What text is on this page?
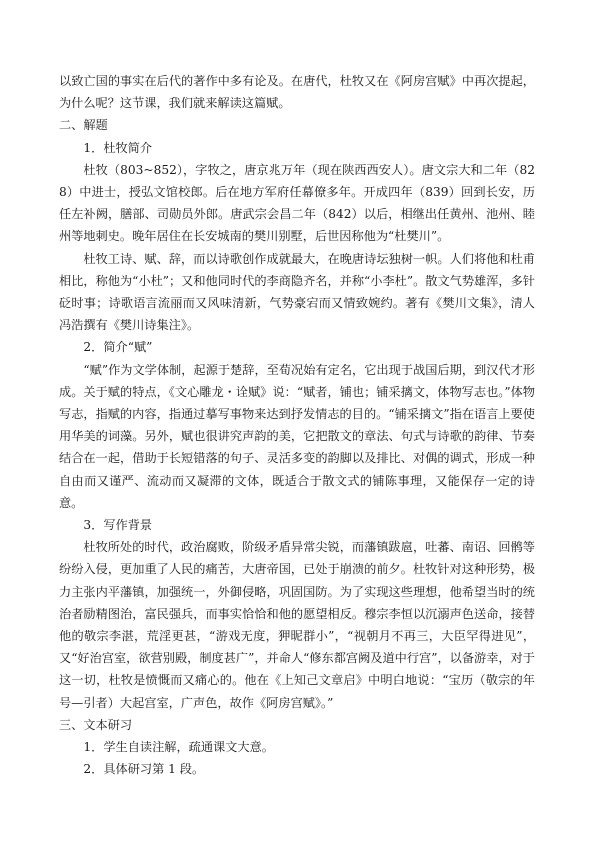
以致亡国的事实在后代的著作中多有论及。在唐代，杜牧又在《阿房宫赋》中再次提起，为什么呢？这节课，我们就来解读这篇赋。

二、解题

1．杜牧简介

杜牧（803~852），字牧之，唐京兆万年（现在陕西西安人）。唐文宗大和二年（828）中进士，授弘文馆校郎。后在地方军府任幕僚多年。开成四年（839）回到长安，历任左补阙，膳部、司勋员外郎。唐武宗会昌二年（842）以后，相继出任黄州、池州、睦州等地刺史。晚年居住在长安城南的樊川别墅，后世因称他为“杜樊川”。

杜牧工诗、赋、辞，而以诗歌创作成就最大，在晚唐诗坛独树一帜。人们将他和杜甫相比，称他为“小杜”；又和他同时代的李商隐齐名，并称“小李杜”。散文气势雄浑，多针砭时事；诗歌语言流丽而又风味清新，气势豪宕而又情致婉约。著有《樊川文集》，清人冯浩撰有《樊川诗集注》。

2．简介“赋”

“赋”作为文学体制，起源于楚辞，至荀况始有定名，它出现于战国后期，到汉代才形成。关于赋的特点，《文心雕龙・诠赋》说：“赋者，铺也；铺采摛文，体物写志也。”体物写志，指赋的内容，指通过摹写事物来达到抒发情志的目的。“铺采摛文”指在语言上要使用华美的词藻。另外，赋也很讲究声韵的美，它把散文的章法、句式与诗歌的韵律、节奏结合在一起，借助于长短错落的句子、灵活多变的韵脚以及排比、对偶的调式，形成一种自由而又谨严、流动而又凝滞的文体，既适合于散文式的铺陈事理，又能保存一定的诗意。

3．写作背景

杜牧所处的时代，政治腐败，阶级矛盾异常尖锐，而藩镇跋扈，吐蕃、南诏、回鹘等纷纷入侵，更加重了人民的痛苦，大唐帝国，已处于崩溃的前夕。杜牧针对这种形势，极力主张内平藩镇，加强统一，外御侵略，巩固国防。为了实现这些理想，他希望当时的统治者励精图治，富民强兵，而事实恰恰和他的愿望相反。穆宗李恒以沉溺声色送命，接替他的敬宗李湛，荒淫更甚，“游戏无度，狎昵群小”，“视朝月不再三，大臣罕得进见”，又“好治宫室，欲营别殿，制度甚广”，并命人“修东都宫阙及道中行宫”，以备游幸，对于这一切，杜牧是愤慨而又痛心的。他在《上知己文章启》中明白地说：“宝历（敬宗的年号—引者）大起宫室，广声色，故作《阿房宫赋》。”

三、文本研习

1．学生自读注解，疏通课文大意。

2．具体研习第 1 段。
